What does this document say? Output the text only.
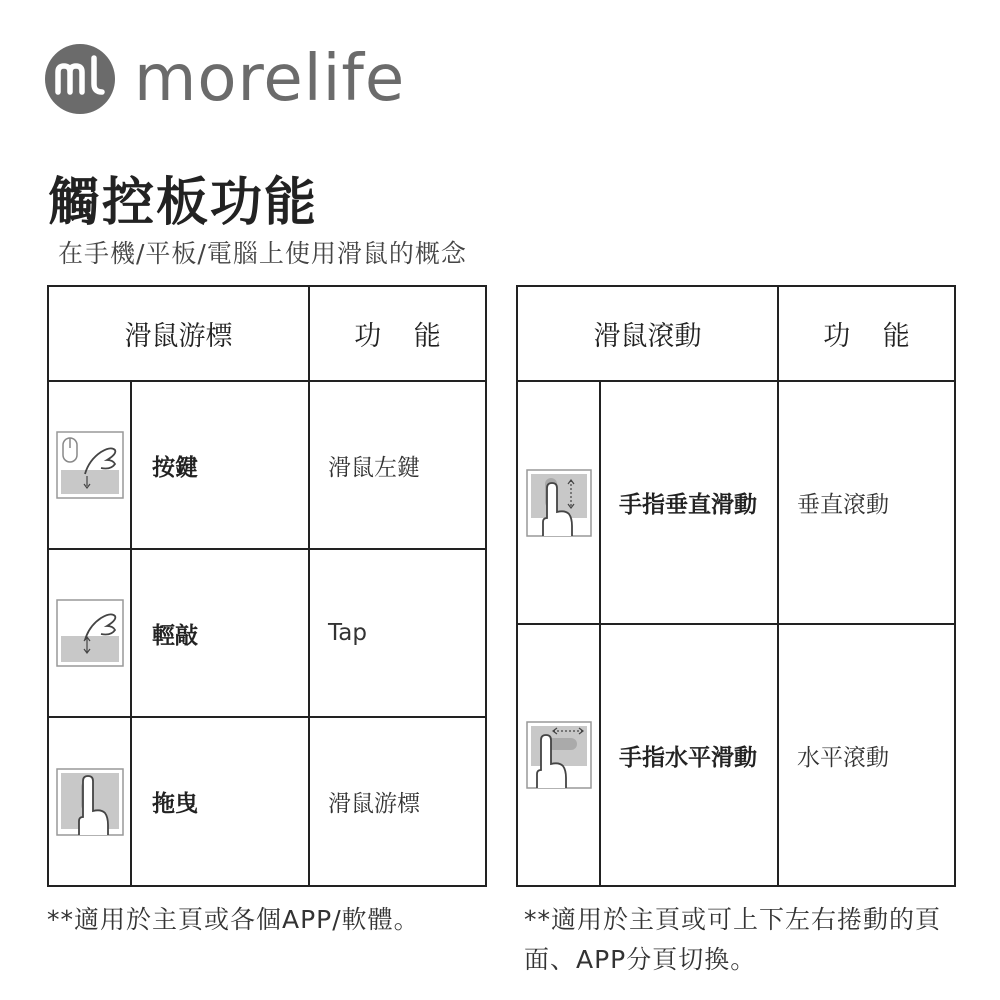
morelife
觸控板功能
在手機/平板/電腦上使用滑鼠的概念
滑鼠游標		功 能

	按鍵	滑鼠左鍵

	輕敲	Tap

	拖曳	滑鼠游標
滑鼠滾動		功 能

	手指垂直滑動	垂直滾動

	手指水平滑動	水平滾動
**適用於主頁或各個APP/軟體。	**適用於主頁或可上下左右捲動的頁面、APP分頁切換。
